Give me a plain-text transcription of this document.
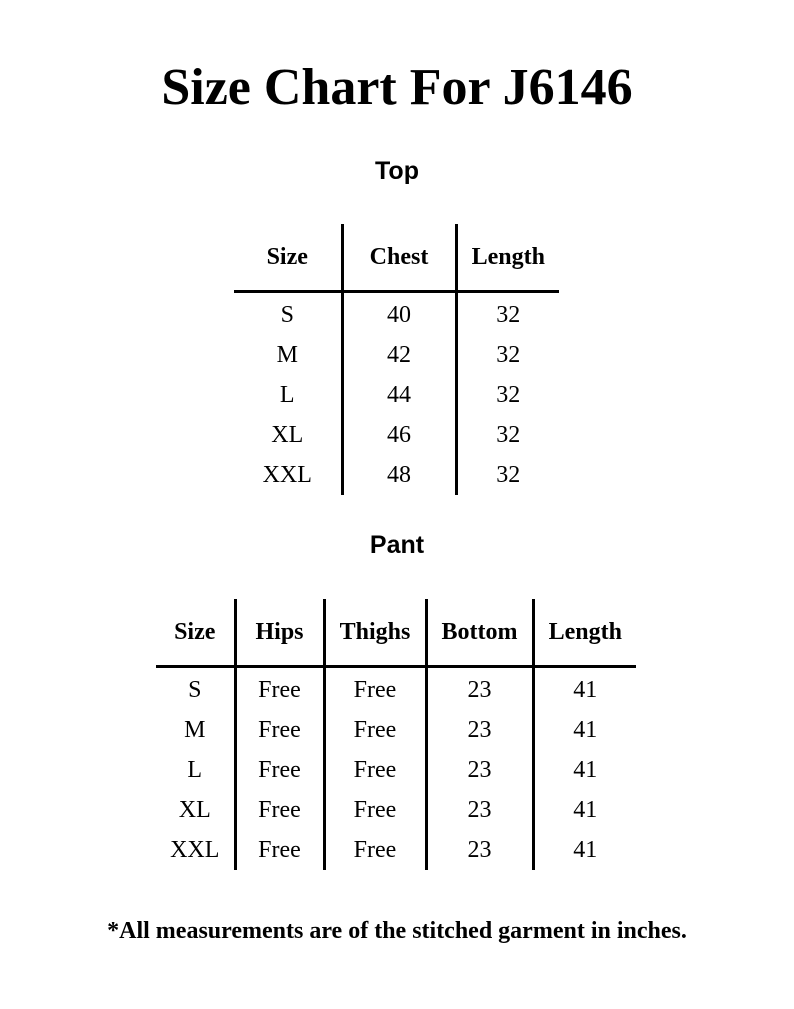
Size Chart For J6146
Top
Size	Chest	Length
S	40	32
M	42	32
L	44	32
XL	46	32
XXL	48	32
Pant
Size	Hips	Thighs	Bottom	Length
S	Free	Free	23	41
M	Free	Free	23	41
L	Free	Free	23	41
XL	Free	Free	23	41
XXL	Free	Free	23	41

*All measurements are of the stitched garment in inches.
